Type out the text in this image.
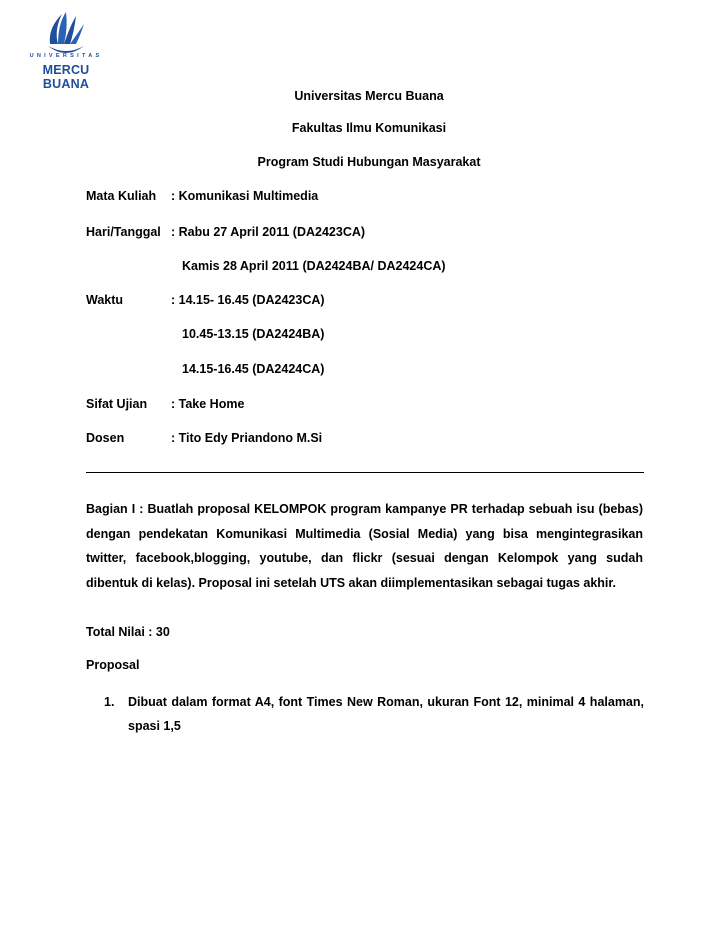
UNIVERSITAS
MERCU BUANA
Universitas Mercu Buana
Fakultas Ilmu Komunikasi
Program Studi Hubungan Masyarakat
Mata Kuliah : Komunikasi Multimedia
Hari/Tanggal : Rabu 27 April 2011 (DA2423CA)
Kamis 28 April 2011 (DA2424BA/ DA2424CA)
Waktu	: 14.15- 16.45 (DA2423CA)
10.45-13.15 (DA2424BA)
14.15-16.45 (DA2424CA)
Sifat Ujian : Take Home
Dosen	: Tito Edy Priandono M.Si
Bagian I : Buatlah proposal KELOMPOK program kampanye PR terhadap sebuah isu (bebas) dengan pendekatan Komunikasi Multimedia (Sosial Media) yang bisa mengintegrasikan twitter, facebook,blogging, youtube, dan flickr (sesuai dengan Kelompok yang sudah dibentuk di kelas). Proposal ini setelah UTS akan diimplementasikan sebagai tugas akhir.
Total Nilai : 30
Proposal
1. Dibuat dalam format A4, font Times New Roman, ukuran Font 12, minimal 4 halaman, spasi 1,5
